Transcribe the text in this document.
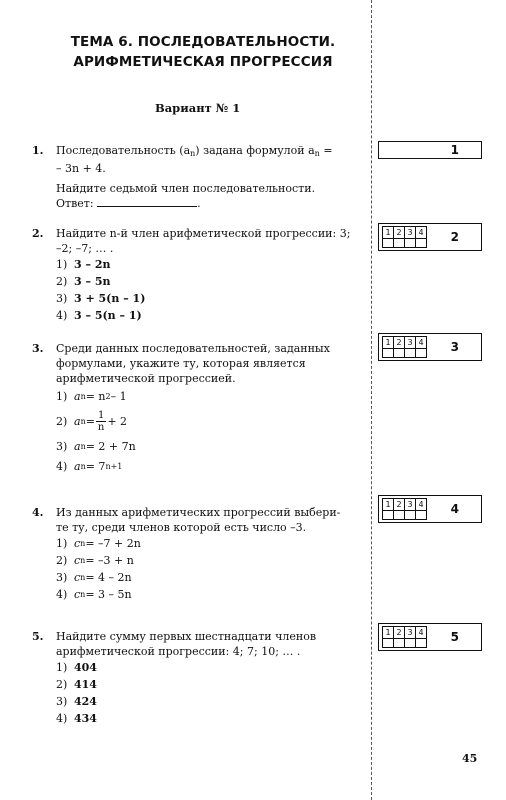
ТЕМА 6. ПОСЛЕДОВАТЕЛЬНОСТИ.
АРИФМЕТИЧЕСКАЯ ПРОГРЕССИЯ
Вариант № 1
1. Последовательность $(a_n)$ задана формулой $a_n$ =

– 3n + 4.

Найдите седьмой член последовательности.

Ответ:	.

1
2. Найдите n-й член арифметической прогрессии: 3;

–2; –7; … .

1) 3 – 2n
2) 3 – 5n
3) 3 + 5(n – 1)
4) 3 – 5(n – 1)
1 2 3 4 2
3. Среди данных последовательностей, заданных

формулами, укажите ту, которая является

арифметической прогрессией.

1) a n = n 2 – 1
2) a $n = \frac{1}{n} + 2$
3) a n = 2 + 7n
4) a n = 7 n+1
1 2 3 4 3
4. Из данных арифметических прогрессий выбери-

те ту, среди членов которой есть число –3.

1) c n = –7 + 2n
2) c n = –3 + n
3) c n = 4 – 2n
4) c n = 3 – 5n
1 2 3 4 4
5. Найдите сумму первых шестнадцати членов

арифметической прогрессии: 4; 7; 10; … .

1) 404
2) 414
3) 424
4) 434
1 2 3 4 5
45
